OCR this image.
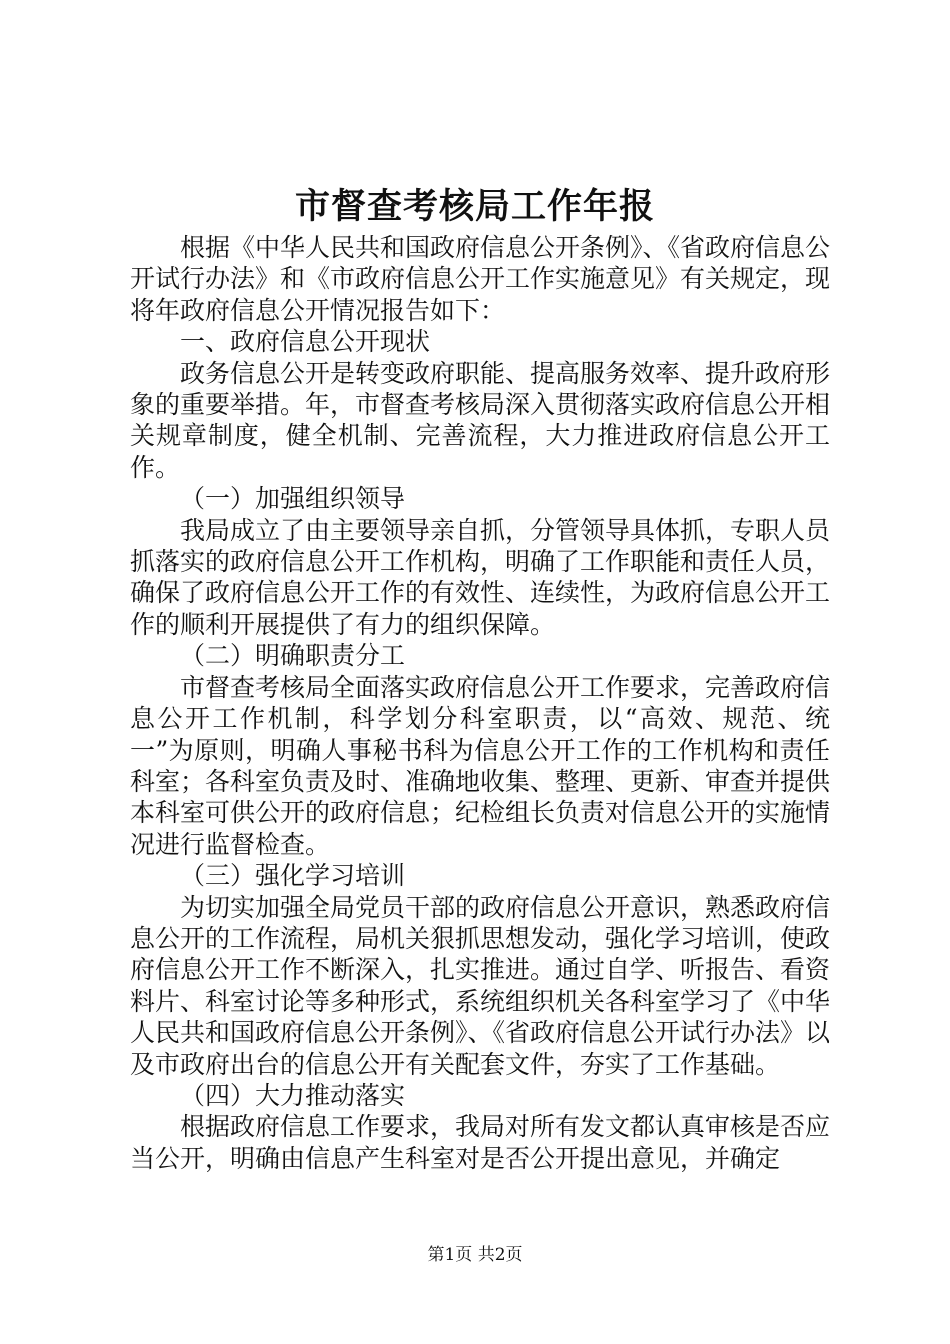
市督查考核局工作年报

根据《中华人民共和国政府信息公开条例》、《省政府信息公开试行办法》和《市政府信息公开工作实施意见》有关规定，现将年政府信息公开情况报告如下：

一、政府信息公开现状

政务信息公开是转变政府职能、提高服务效率、提升政府形象的重要举措。年，市督查考核局深入贯彻落实政府信息公开相关规章制度，健全机制、完善流程，大力推进政府信息公开工作。

（一）加强组织领导

我局成立了由主要领导亲自抓，分管领导具体抓，专职人员抓落实的政府信息公开工作机构，明确了工作职能和责任人员，确保了政府信息公开工作的有效性、连续性，为政府信息公开工作的顺利开展提供了有力的组织保障。

（二）明确职责分工

市督查考核局全面落实政府信息公开工作要求，完善政府信息公开工作机制，科学划分科室职责，以“高效、规范、统一”为原则，明确人事秘书科为信息公开工作的工作机构和责任科室；各科室负责及时、准确地收集、整理、更新、审查并提供本科室可供公开的政府信息；纪检组长负责对信息公开的实施情况进行监督检查。

（三）强化学习培训

为切实加强全局党员干部的政府信息公开意识，熟悉政府信息公开的工作流程，局机关狠抓思想发动，强化学习培训，使政府信息公开工作不断深入，扎实推进。通过自学、听报告、看资料片、科室讨论等多种形式，系统组织机关各科室学习了《中华人民共和国政府信息公开条例》、《省政府信息公开试行办法》以及市政府出台的信息公开有关配套文件，夯实了工作基础。

（四）大力推动落实

根据政府信息工作要求，我局对所有发文都认真审核是否应当公开，明确由信息产生科室对是否公开提出意见，并确定

第1页 共2页
